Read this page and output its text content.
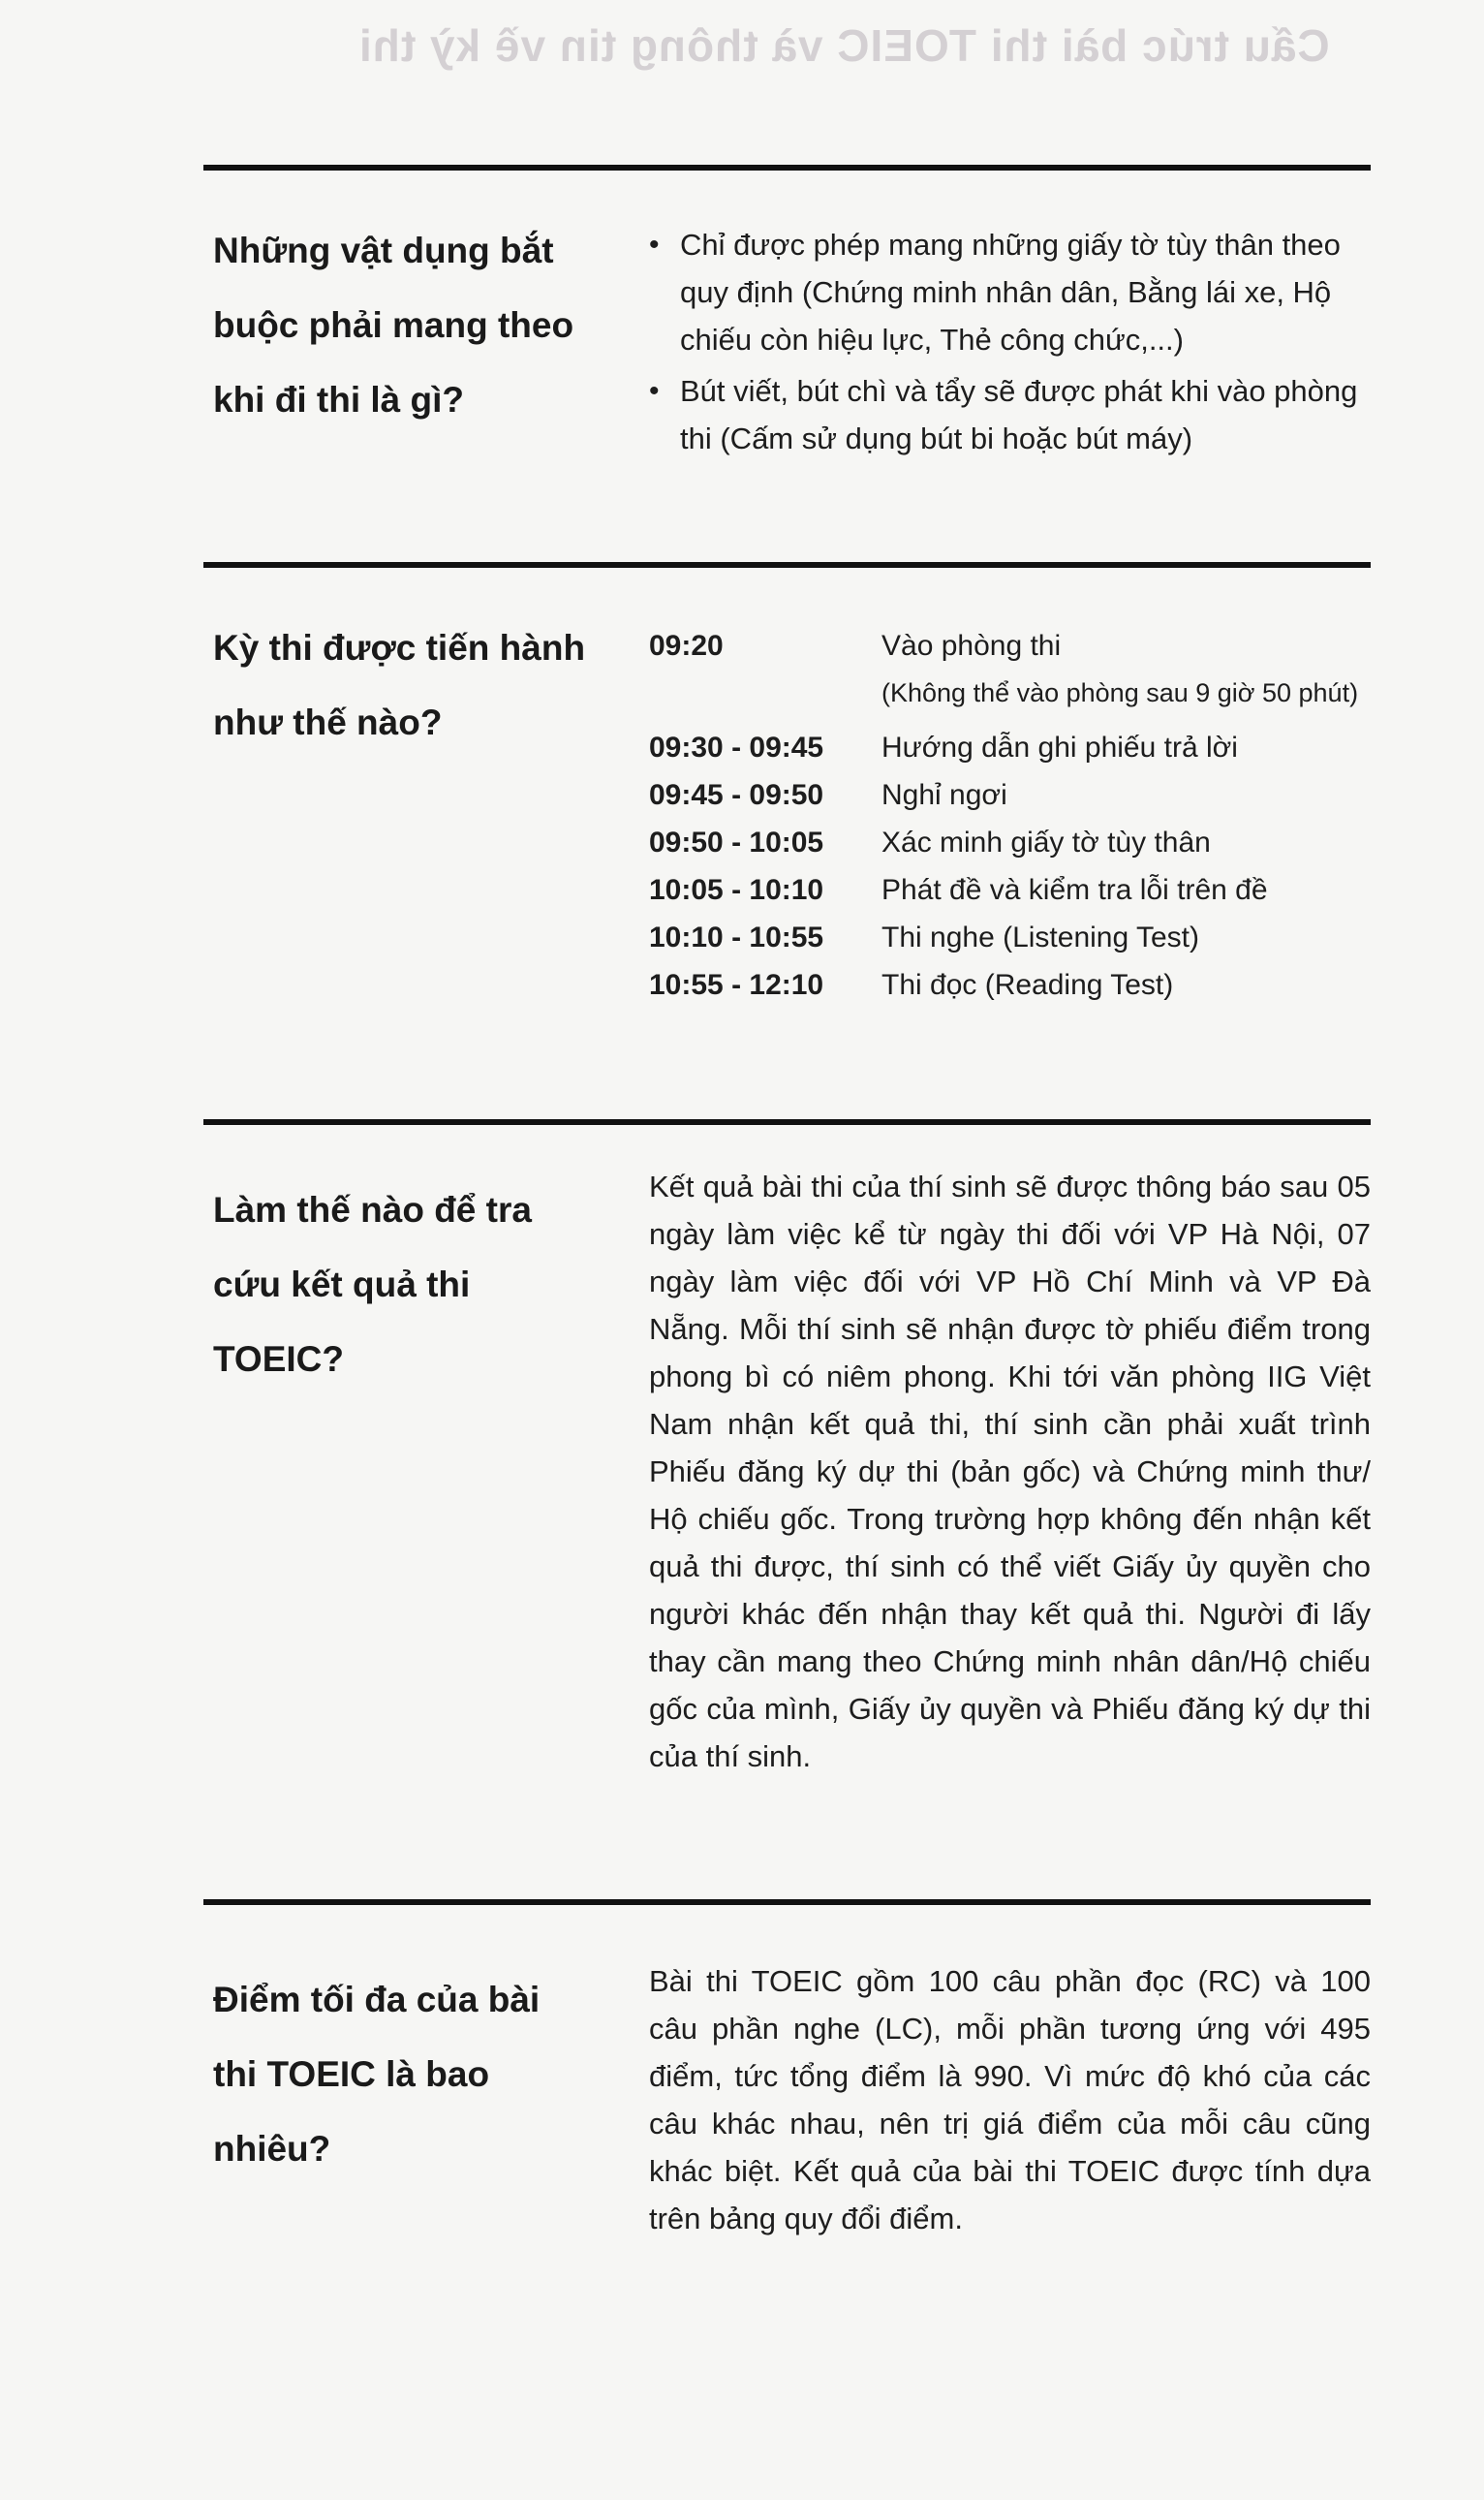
Cấu trúc bài thi TOEIC và thông tin về kỳ thi
Những vật dụng bắt buộc phải mang theo khi đi thi là gì?
• Chỉ được phép mang những giấy tờ tùy thân theo quy định (Chứng minh nhân dân, Bằng lái xe, Hộ chiếu còn hiệu lực, Thẻ công chức,...)
• Bút viết, bút chì và tẩy sẽ được phát khi vào phòng thi (Cấm sử dụng bút bi hoặc bút máy)
Kỳ thi được tiến hành như thế nào?
09:20	Vào phòng thi
(Không thể vào phòng sau 9 giờ 50 phút)
09:30 - 09:45 Hướng dẫn ghi phiếu trả lời
09:45 - 09:50 Nghỉ ngơi
09:50 - 10:05 Xác minh giấy tờ tùy thân
10:05 - 10:10 Phát đề và kiểm tra lỗi trên đề
10:10 - 10:55 Thi nghe (Listening Test)
10:55 - 12:10 Thi đọc (Reading Test)
Làm thế nào để tra cứu kết quả thi TOEIC?
Kết quả bài thi của thí sinh sẽ được thông báo sau 05 ngày làm việc kể từ ngày thi đối với VP Hà Nội, 07 ngày làm việc đối với VP Hồ Chí Minh và VP Đà Nẵng. Mỗi thí sinh sẽ nhận được tờ phiếu điểm trong phong bì có niêm phong. Khi tới văn phòng IIG Việt Nam nhận kết quả thi, thí sinh cần phải xuất trình Phiếu đăng ký dự thi (bản gốc) và Chứng minh thư/ Hộ chiếu gốc. Trong trường hợp không đến nhận kết quả thi được, thí sinh có thể viết Giấy ủy quyền cho người khác đến nhận thay kết quả thi. Người đi lấy thay cần mang theo Chứng minh nhân dân/Hộ chiếu gốc của mình, Giấy ủy quyền và Phiếu đăng ký dự thi của thí sinh.
Điểm tối đa của bài thi TOEIC là bao nhiêu?
Bài thi TOEIC gồm 100 câu phần đọc (RC) và 100 câu phần nghe (LC), mỗi phần tương ứng với 495 điểm, tức tổng điểm là 990. Vì mức độ khó của các câu khác nhau, nên trị giá điểm của mỗi câu cũng khác biệt. Kết quả của bài thi TOEIC được tính dựa trên bảng quy đổi điểm.
